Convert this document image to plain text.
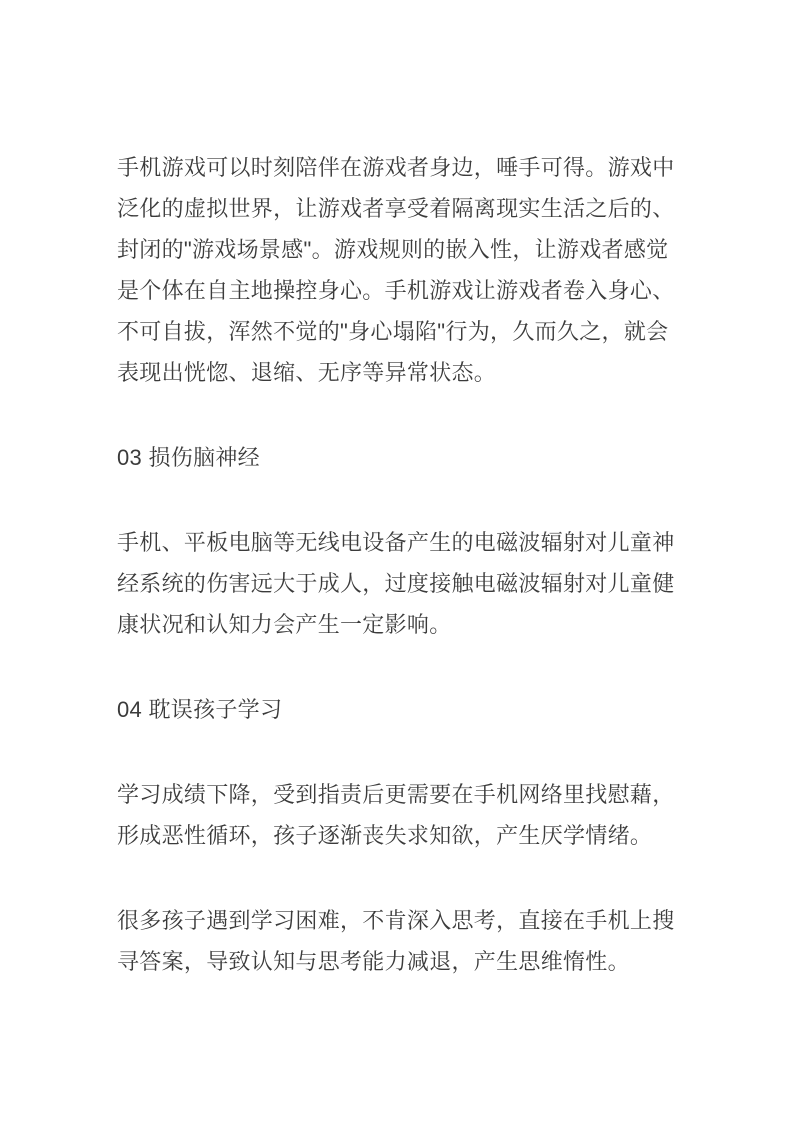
手机游戏可以时刻陪伴在游戏者身边，唾手可得。游戏中泛化的虚拟世界，让游戏者享受着隔离现实生活之后的、封闭的"游戏场景感"。游戏规则的嵌入性，让游戏者感觉是个体在自主地操控身心。手机游戏让游戏者卷入身心、不可自拔，浑然不觉的"身心塌陷"行为，久而久之，就会表现出恍惚、退缩、无序等异常状态。

03 损伤脑神经

手机、平板电脑等无线电设备产生的电磁波辐射对儿童神经系统的伤害远大于成人，过度接触电磁波辐射对儿童健康状况和认知力会产生一定影响。

04 耽误孩子学习

学习成绩下降，受到指责后更需要在手机网络里找慰藉，形成恶性循环，孩子逐渐丧失求知欲，产生厌学情绪。

很多孩子遇到学习困难，不肯深入思考，直接在手机上搜寻答案，导致认知与思考能力减退，产生思维惰性。
